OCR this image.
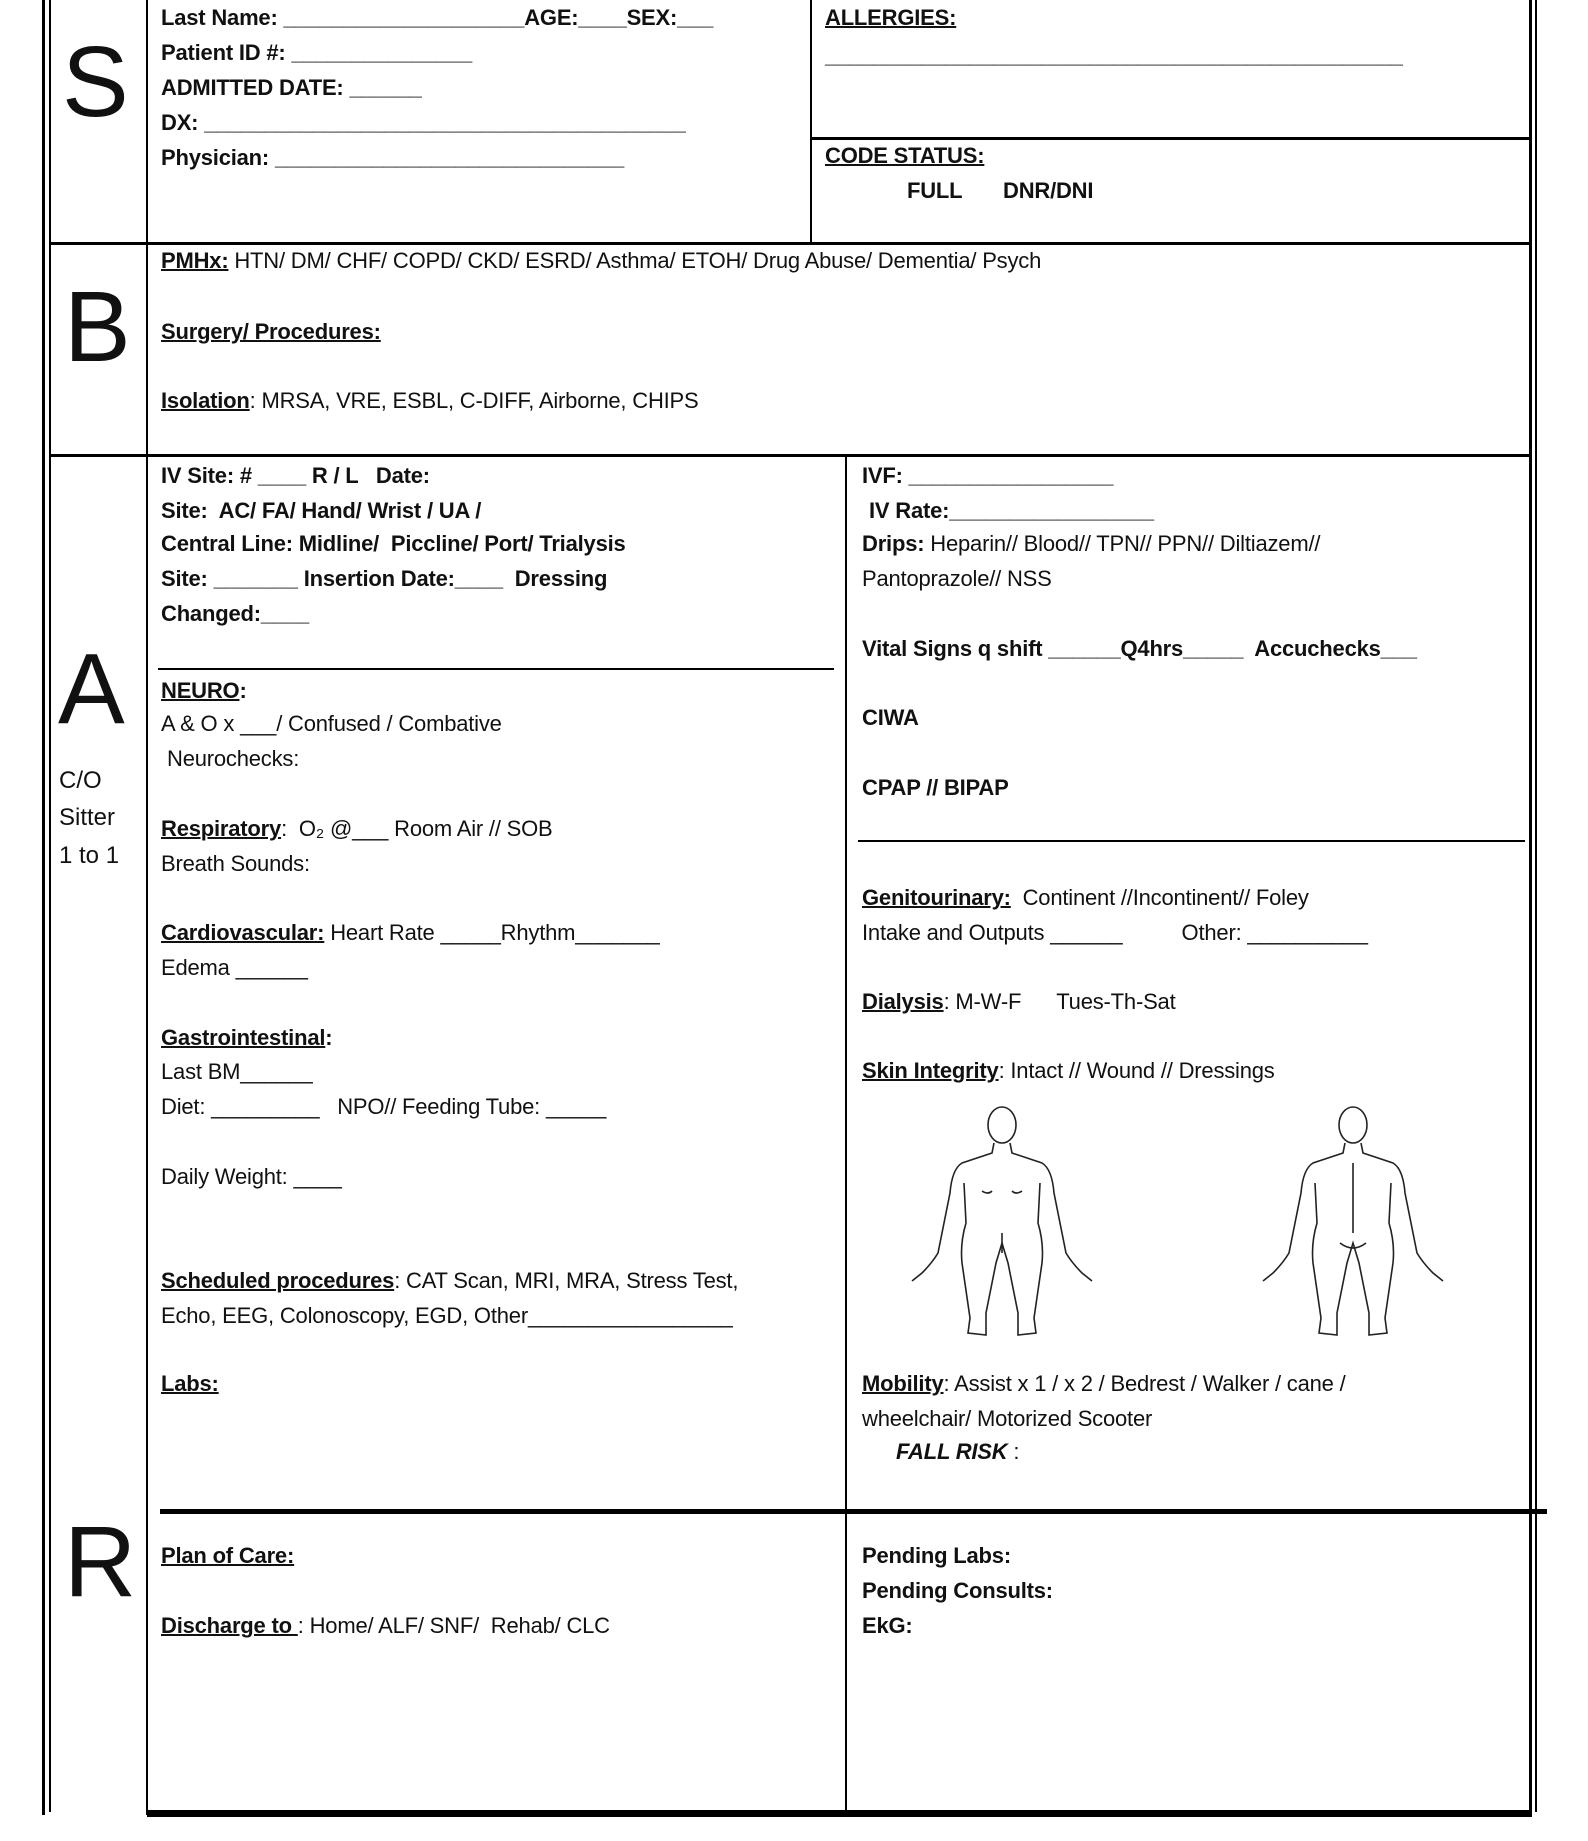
S
B
A
C/O
Sitter
1 to 1
R
Last Name: ____________________AGE:____SEX:___
Patient ID #: _______________
ADMITTED DATE: ______
DX: ________________________________________
Physician: _____________________________
ALLERGIES:
________________________________________________
CODE STATUS:
FULL DNR/DNI
PMHx: HTN/ DM/ CHF/ COPD/ CKD/ ESRD/ Asthma/ ETOH/ Drug Abuse/ Dementia/ Psych
Surgery/ Procedures:
Isolation: MRSA, VRE, ESBL, C-DIFF, Airborne, CHIPS
IV Site: # ____ R / L   Date:
Site:  AC/ FA/ Hand/ Wrist / UA /
Central Line: Midline/  Piccline/ Port/ Trialysis
Site: _______ Insertion Date:____  Dressing
Changed:____
NEURO:
A & O x ___/ Confused / Combative
Neurochecks:
Respiratory:  O₂ @___ Room Air // SOB
Breath Sounds:
Cardiovascular: Heart Rate _____Rhythm_______
Edema ______
Gastrointestinal:
Last BM______
Diet: _________   NPO// Feeding Tube: _____
Daily Weight: ____
Scheduled procedures: CAT Scan, MRI, MRA, Stress Test,
Echo, EEG, Colonoscopy, EGD, Other_________________
Labs:
IVF: _________________
IV Rate:_________________
Drips: Heparin// Blood// TPN// PPN// Diltiazem//
Pantoprazole// NSS
Vital Signs q shift ______Q4hrs_____  Accuchecks___
CIWA
CPAP // BIPAP
Genitourinary:  Continent //Incontinent// Foley
Intake and Outputs ______          Other: __________
Dialysis: M-W-F      Tues-Th-Sat
Skin Integrity: Intact // Wound // Dressings
Mobility: Assist x 1 / x 2 / Bedrest / Walker / cane /
wheelchair/ Motorized Scooter
FALL RISK :
Plan of Care:
Discharge to : Home/ ALF/ SNF/  Rehab/ CLC
Pending Labs:
Pending Consults:
EkG:
